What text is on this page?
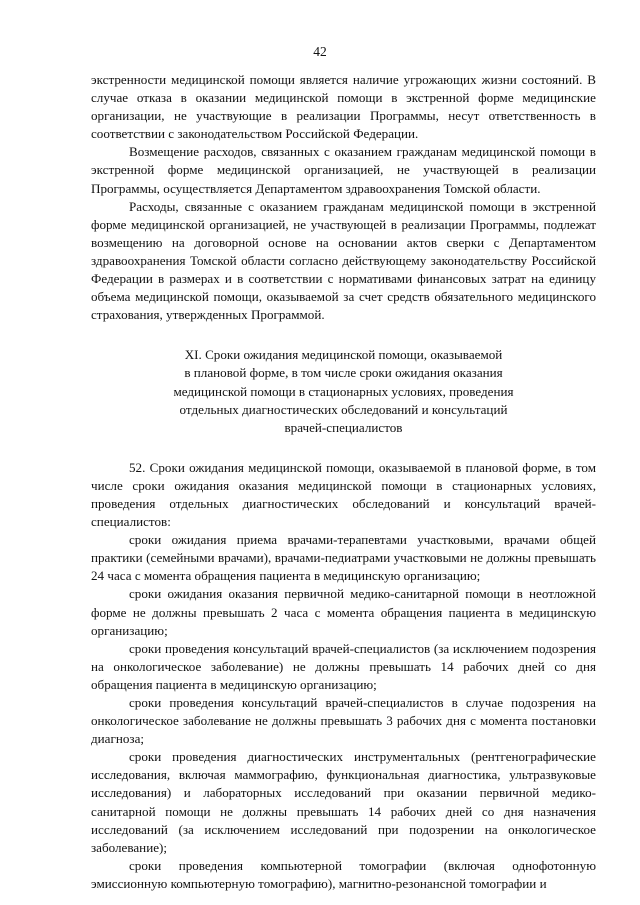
42

экстренности медицинской помощи является наличие угрожающих жизни состояний. В случае отказа в оказании медицинской помощи в экстренной форме медицинские организации, не участвующие в реализации Программы, несут ответственность в соответствии с законодательством Российской Федерации.

Возмещение расходов, связанных с оказанием гражданам медицинской помощи в экстренной форме медицинской организацией, не участвующей в реализации Программы, осуществляется Департаментом здравоохранения Томской области.

Расходы, связанные с оказанием гражданам медицинской помощи в экстренной форме медицинской организацией, не участвующей в реализации Программы, подлежат возмещению на договорной основе на основании актов сверки с Департаментом здравоохранения Томской области согласно действующему законодательству Российской Федерации в размерах и в соответствии с нормативами финансовых затрат на единицу объема медицинской помощи, оказываемой за счет средств обязательного медицинского страхования, утвержденных Программой.

XI. Сроки ожидания медицинской помощи, оказываемой
в плановой форме, в том числе сроки ожидания оказания
медицинской помощи в стационарных условиях, проведения
отдельных диагностических обследований и консультаций
врачей-специалистов

52. Сроки ожидания медицинской помощи, оказываемой в плановой форме, в том числе сроки ожидания оказания медицинской помощи в стационарных условиях, проведения отдельных диагностических обследований и консультаций врачей-специалистов:

сроки ожидания приема врачами-терапевтами участковыми, врачами общей практики (семейными врачами), врачами-педиатрами участковыми не должны превышать 24 часа с момента обращения пациента в медицинскую организацию;

сроки ожидания оказания первичной медико-санитарной помощи в неотложной форме не должны превышать 2 часа с момента обращения пациента в медицинскую организацию;

сроки проведения консультаций врачей-специалистов (за исключением подозрения на онкологическое заболевание) не должны превышать 14 рабочих дней со дня обращения пациента в медицинскую организацию;

сроки проведения консультаций врачей-специалистов в случае подозрения на онкологическое заболевание не должны превышать 3 рабочих дня с момента постановки диагноза;

сроки проведения диагностических инструментальных (рентгенографические исследования, включая маммографию, функциональная диагностика, ультразвуковые исследования) и лабораторных исследований при оказании первичной медико-санитарной помощи не должны превышать 14 рабочих дней со дня назначения исследований (за исключением исследований при подозрении на онкологическое заболевание);

сроки проведения компьютерной томографии (включая однофотонную эмиссионную компьютерную томографию), магнитно-резонансной томографии и
